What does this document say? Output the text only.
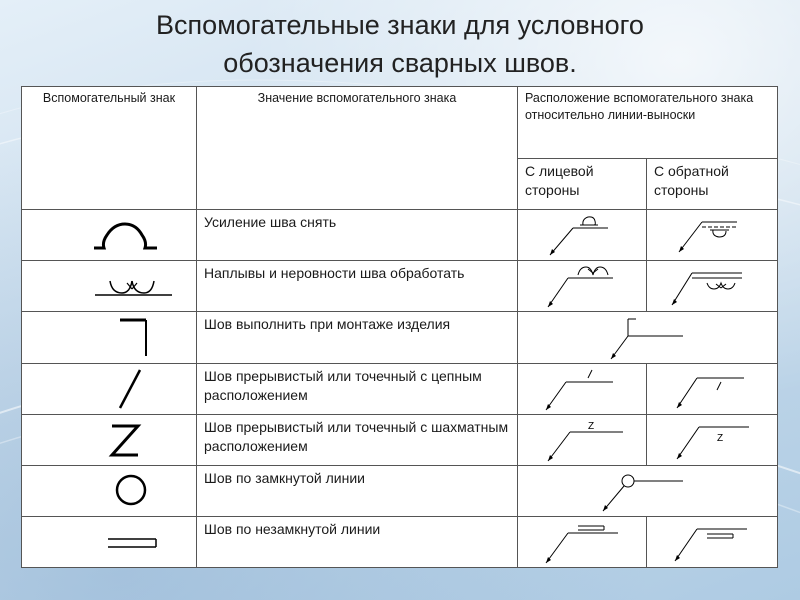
Вспомогательные знаки для условного
обозначения сварных швов.
Вспомогательный знак	Значение вспомогательного знака	Расположение вспомогательного знака относительно линии-выноски	
		С лицевой стороны	С обратной стороны

	Усиление шва снять	

	Наплывы и неровности шва обработать	

	Шов выполнить при монтаже изделия	

	Шов прерывистый или точечный с цепным расположением	

	Шов прерывистый или точечный с шахматным расположением	Z	Z

	Шов по замкнутой линии	

	Шов по незамкнутой линии	
